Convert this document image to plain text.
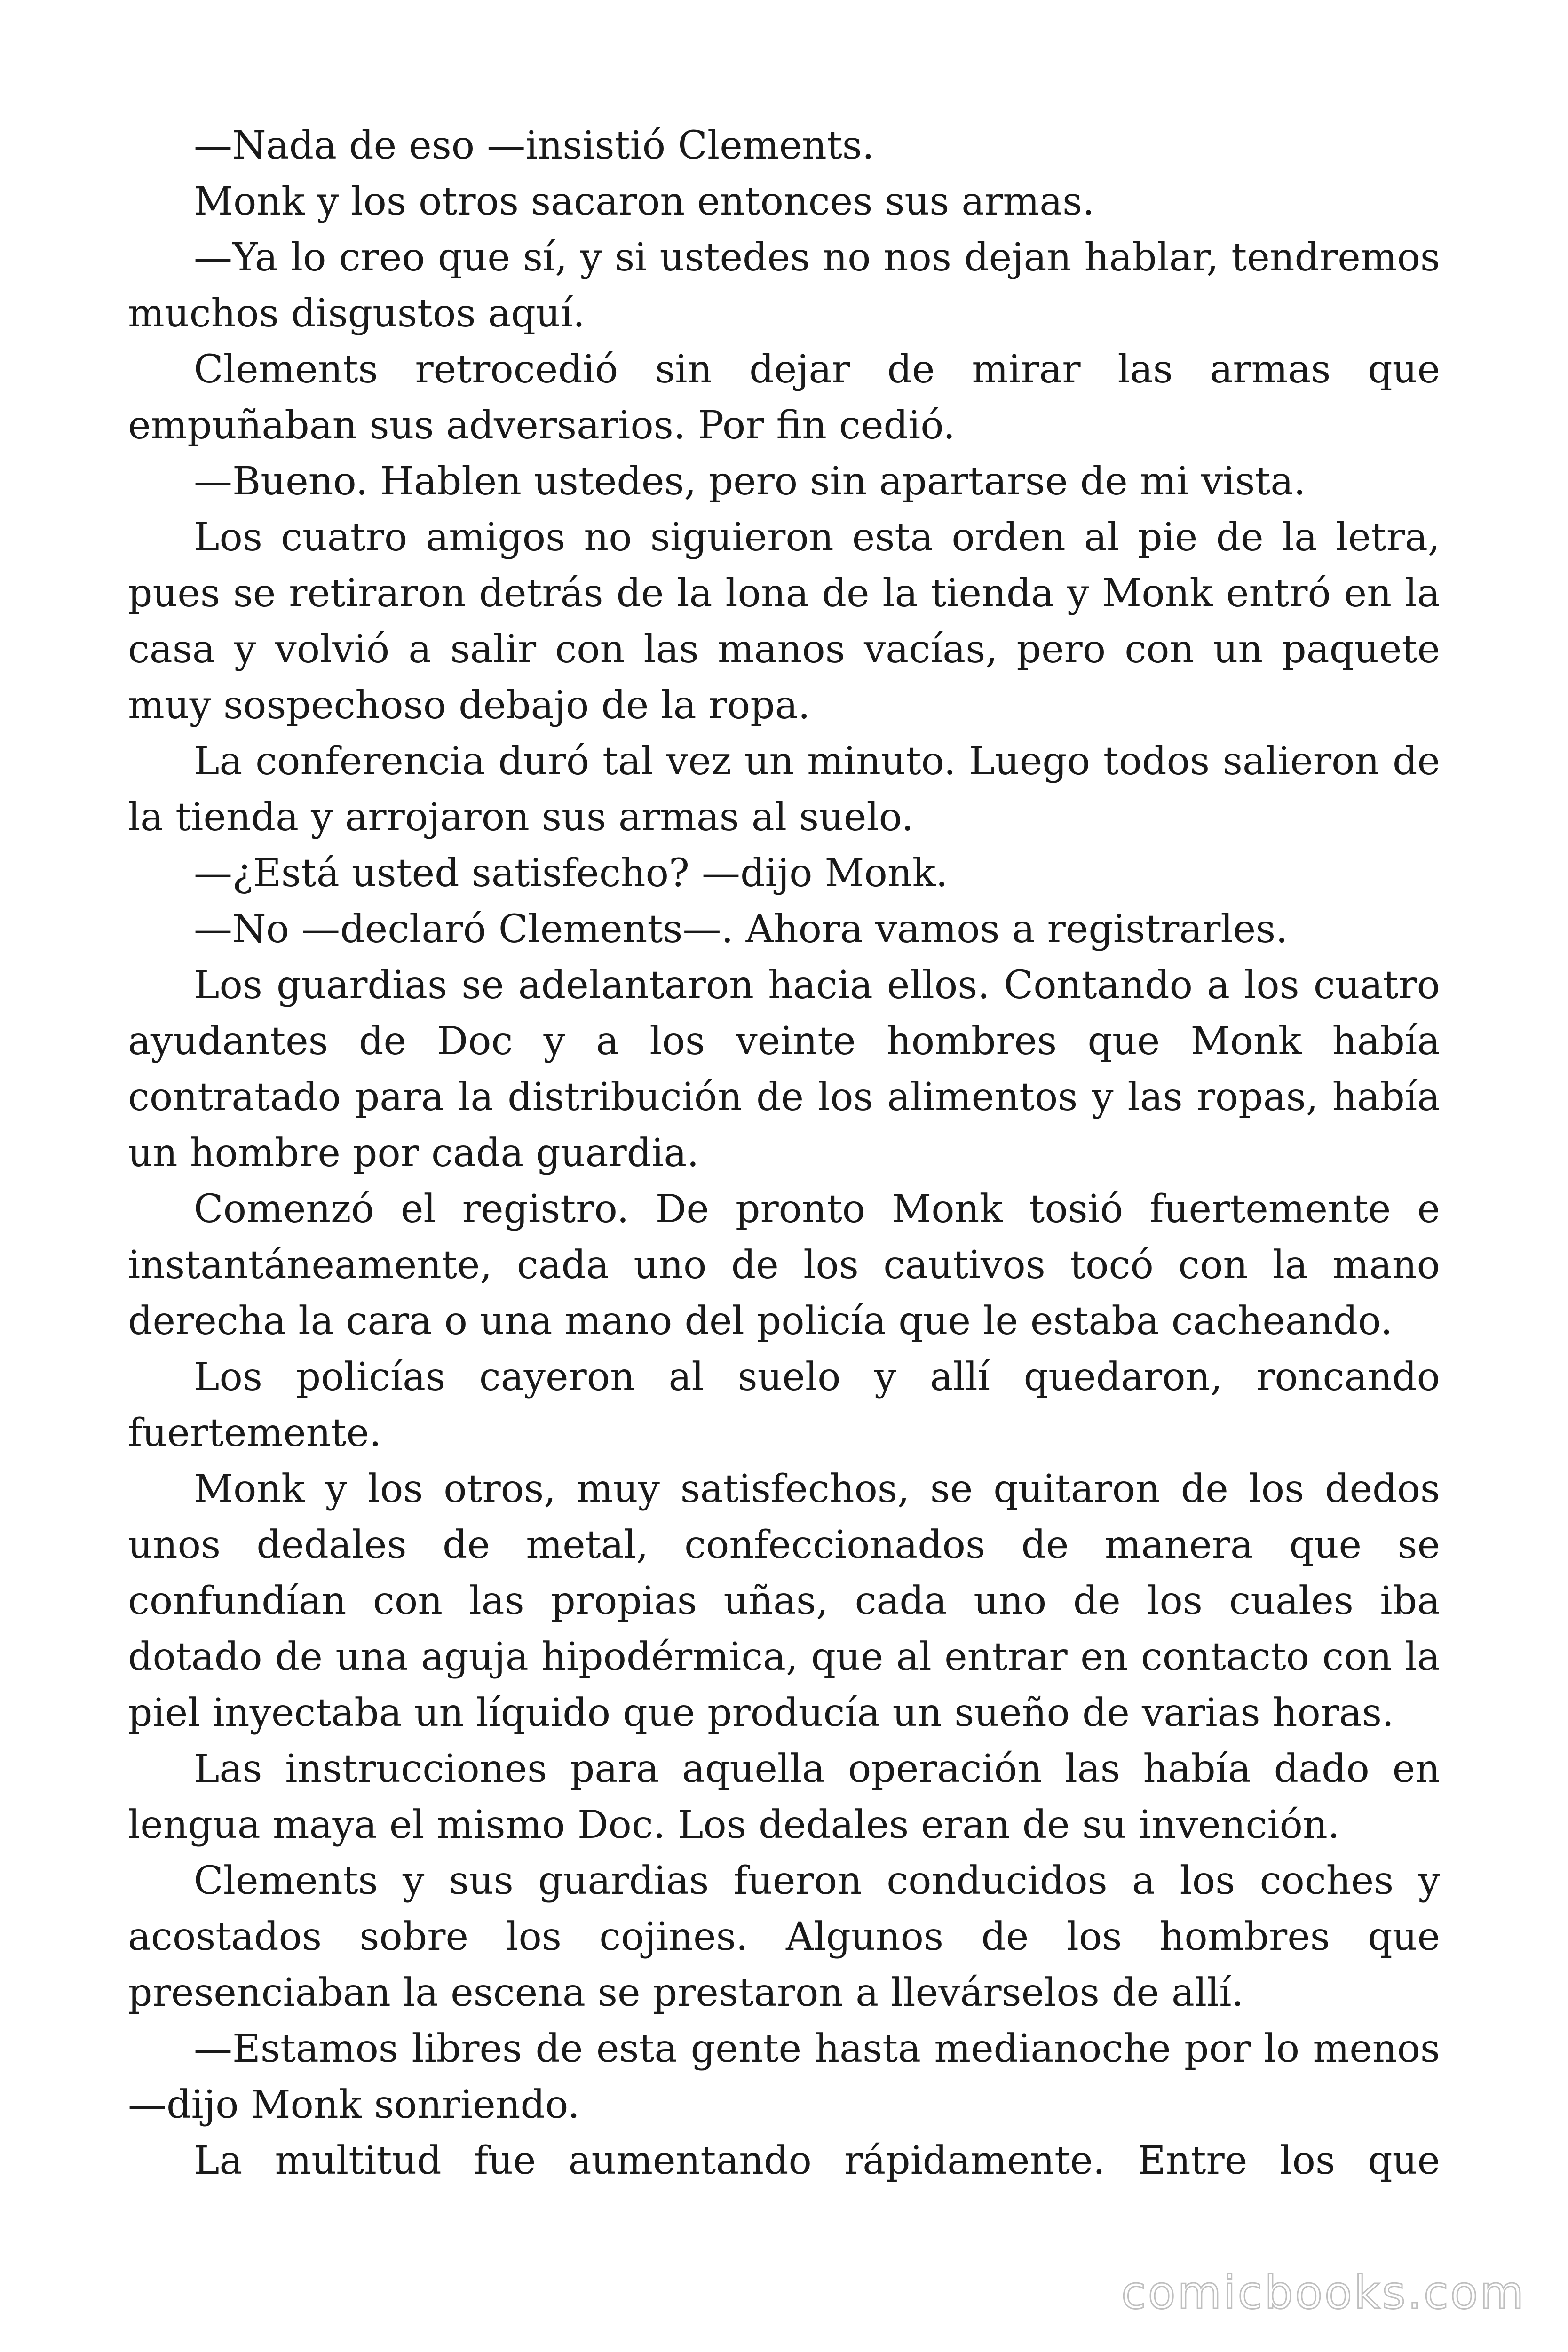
—Nada de eso —insistió Clements.

Monk y los otros sacaron entonces sus armas.

—Ya lo creo que sí, y si ustedes no nos dejan hablar, tendremos muchos disgustos aquí.

Clements retrocedió sin dejar de mirar las armas que empuñaban sus adversarios. Por fin cedió.

—Bueno. Hablen ustedes, pero sin apartarse de mi vista.

Los cuatro amigos no siguieron esta orden al pie de la letra, pues se retiraron detrás de la lona de la tienda y Monk entró en la casa y volvió a salir con las manos vacías, pero con un paquete muy sospechoso debajo de la ropa.

La conferencia duró tal vez un minuto. Luego todos salieron de la tienda y arrojaron sus armas al suelo.

—¿Está usted satisfecho? —dijo Monk.

—No —declaró Clements—. Ahora vamos a registrarles.

Los guardias se adelantaron hacia ellos. Contando a los cuatro ayudantes de Doc y a los veinte hombres que Monk había contratado para la distribución de los alimentos y las ropas, había un hombre por cada guardia.

Comenzó el registro. De pronto Monk tosió fuertemente e instantáneamente, cada uno de los cautivos tocó con la mano derecha la cara o una mano del policía que le estaba cacheando.

Los policías cayeron al suelo y allí quedaron, roncando fuertemente.

Monk y los otros, muy satisfechos, se quitaron de los dedos unos dedales de metal, confeccionados de manera que se confundían con las propias uñas, cada uno de los cuales iba dotado de una aguja hipodérmica, que al entrar en contacto con la piel inyectaba un líquido que producía un sueño de varias horas.

Las instrucciones para aquella operación las había dado en lengua maya el mismo Doc. Los dedales eran de su invención.

Clements y sus guardias fueron conducidos a los coches y acostados sobre los cojines. Algunos de los hombres que presenciaban la escena se prestaron a llevárselos de allí.

—Estamos libres de esta gente hasta medianoche por lo menos —dijo Monk sonriendo.

La multitud fue aumentando rápidamente. Entre los que

comicbooks.com
